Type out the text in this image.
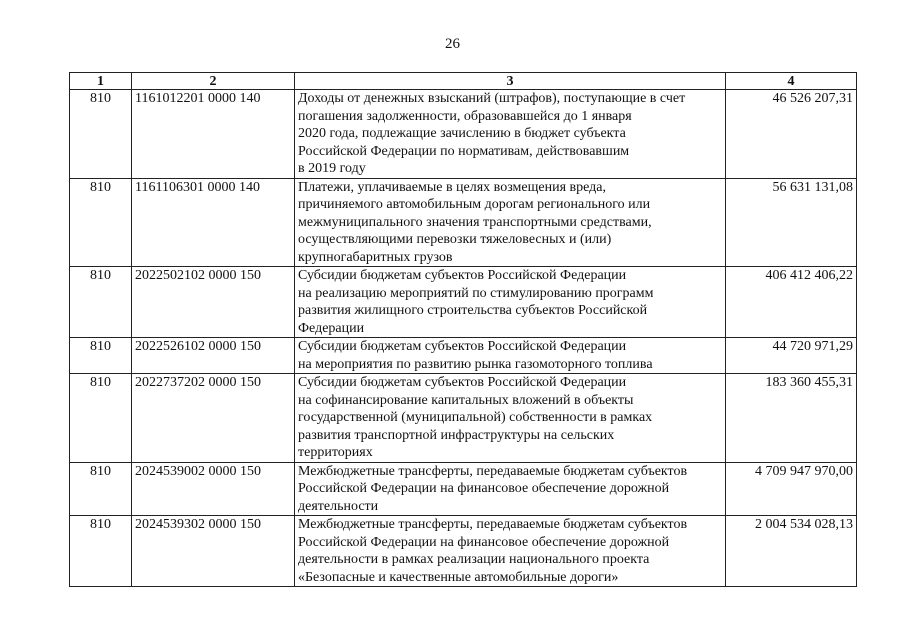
26
1	2	3	4
810	1161012201 0000 140	Доходы от денежных взысканий (штрафов), поступающие в счет
погашения задолженности, образовавшейся до 1 января
2020 года, подлежащие зачислению в бюджет субъекта
Российской Федерации по нормативам, действовавшим
в 2019 году	46 526 207,31
810	1161106301 0000 140	Платежи, уплачиваемые в целях возмещения вреда,
причиняемого автомобильным дорогам регионального или
межмуниципального значения транспортными средствами,
осуществляющими перевозки тяжеловесных и (или)
крупногабаритных грузов	56 631 131,08
810	2022502102 0000 150	Субсидии бюджетам субъектов Российской Федерации
на реализацию мероприятий по стимулированию программ
развития жилищного строительства субъектов Российской
Федерации	406 412 406,22
810	2022526102 0000 150	Субсидии бюджетам субъектов Российской Федерации
на мероприятия по развитию рынка газомоторного топлива	44 720 971,29
810	2022737202 0000 150	Субсидии бюджетам субъектов Российской Федерации
на софинансирование капитальных вложений в объекты
государственной (муниципальной) собственности в рамках
развития транспортной инфраструктуры на сельских
территориях	183 360 455,31
810	2024539002 0000 150	Межбюджетные трансферты, передаваемые бюджетам субъектов
Российской Федерации на финансовое обеспечение дорожной
деятельности	4 709 947 970,00
810	2024539302 0000 150	Межбюджетные трансферты, передаваемые бюджетам субъектов
Российской Федерации на финансовое обеспечение дорожной
деятельности в рамках реализации национального проекта
«Безопасные и качественные автомобильные дороги»	2 004 534 028,13
